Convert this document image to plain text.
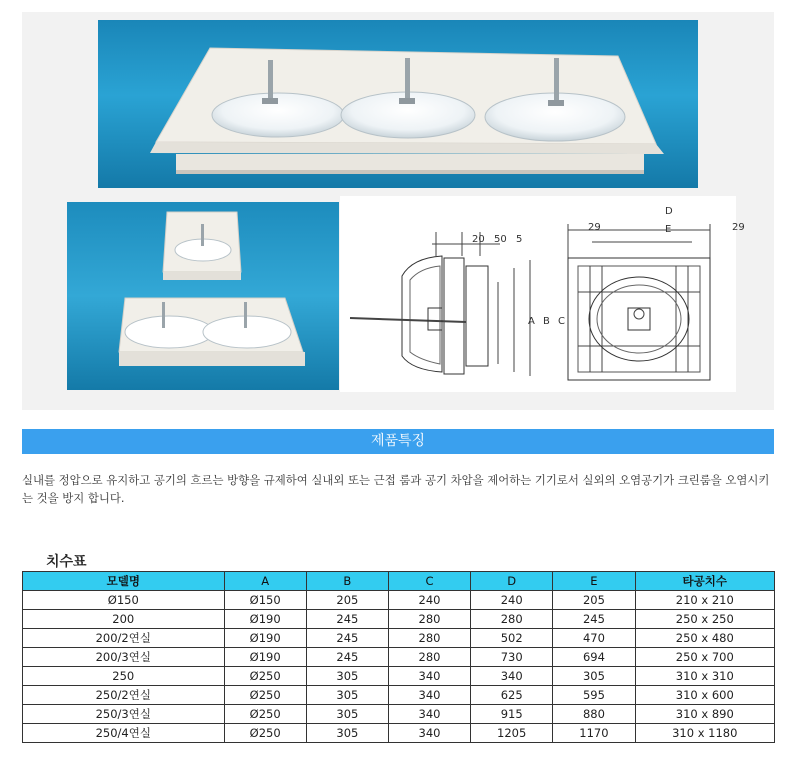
20 50 5
A B C
D
E
29	29
제품특징
실내를 정압으로 유지하고 공기의 흐르는 방향을 규제하여 실내외 또는 근접 룸과 공기 차압을 제어하는 기기로서 실외의 오염공기가 크린룸을 오염시키는 것을 방지 합니다.
치수표
모델명	A	B	C	D	E	타공치수
Ø150	Ø150	205	240	240	205	210 x 210
200	Ø190	245	280	280	245	250 x 250
200/2연실	Ø190	245	280	502	470	250 x 480
200/3연실	Ø190	245	280	730	694	250 x 700
250	Ø250	305	340	340	305	310 x 310
250/2연실	Ø250	305	340	625	595	310 x 600
250/3연실	Ø250	305	340	915	880	310 x 890
250/4연실	Ø250	305	340	1205	1170	310 x 1180
